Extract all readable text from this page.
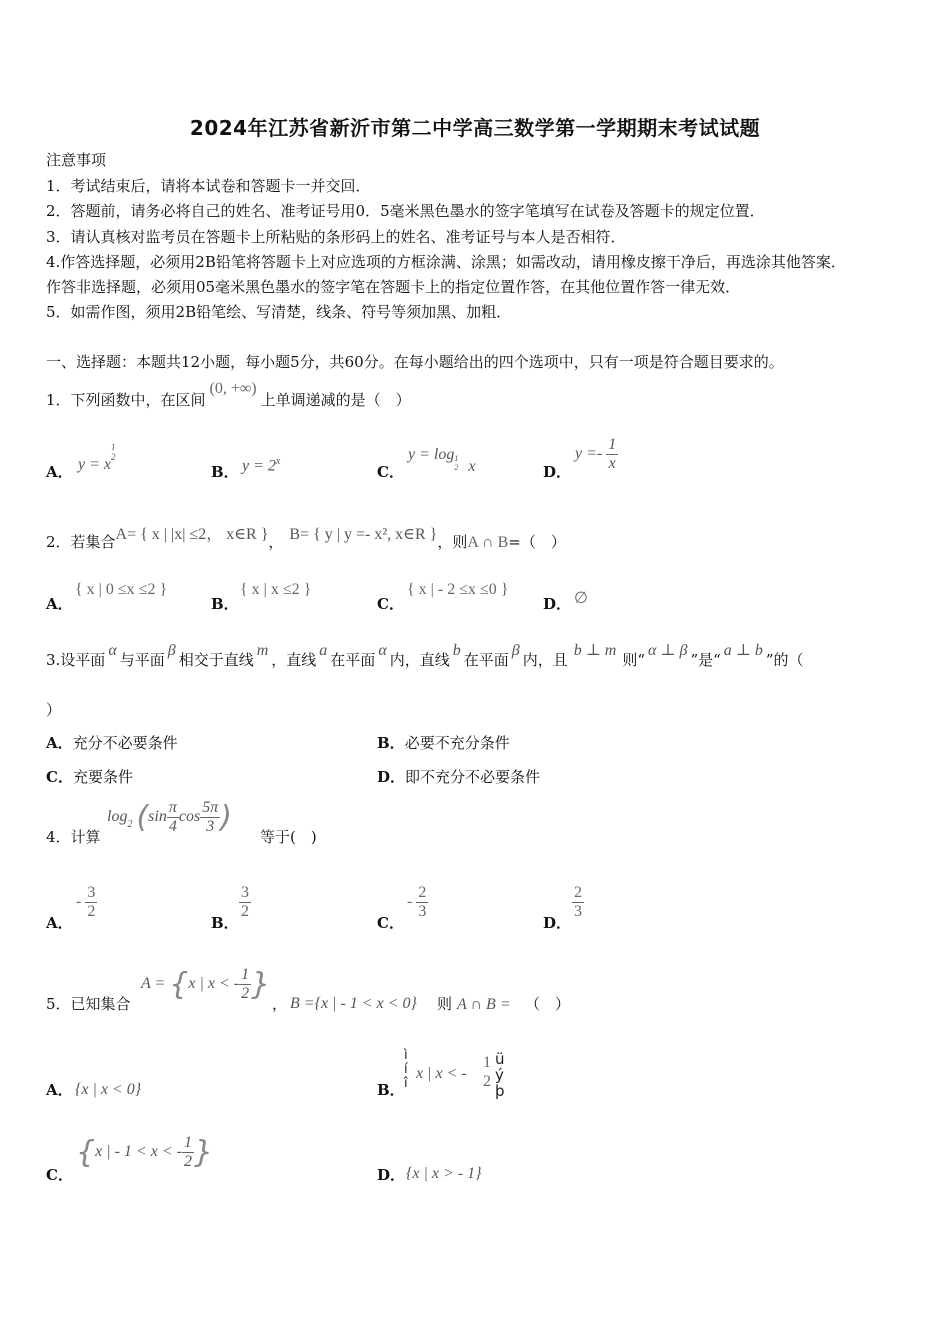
2024年江苏省新沂市第二中学高三数学第一学期期末考试试题
注意事项
1．考试结束后，请将本试卷和答题卡一并交回．
2．答题前，请务必将自己的姓名、准考证号用0．5毫米黑色墨水的签字笔填写在试卷及答题卡的规定位置．
3．请认真核对监考员在答题卡上所粘贴的条形码上的姓名、准考证号与本人是否相符．
4.作答选择题，必须用2B铅笔将答题卡上对应选项的方框涂满、涂黑；如需改动，请用橡皮擦干净后，再选涂其他答案．
作答非选择题，必须用05毫米黑色墨水的签字笔在答题卡上的指定位置作答，在其他位置作答一律无效．
5．如需作图，须用2B铅笔绘、写清楚，线条、符号等须加黑、加粗．
一、选择题：本题共12小题，每小题5分，共60分。在每小题给出的四个选项中，只有一项是符合题目要求的。
1．下列函数中，在区间(0, +∞)上单调递减的是（　）
A． y = x
1
2
B． $y = 2^x$
C．
y = log 1
2 x	D．
$y =- \frac{1}{x}$
2．若集合A= { x | |x| ≤2， x∈R }， B= { y | y =- x², x∈R }，则A ∩ B=（　）
A．
{ x | 0 ≤x ≤2 }
B．
{ x | x ≤2 }
C．
{ x | - 2 ≤x ≤0 }
D． ∅
3.设平面α与平面β相交于直线m，直线a在平面α内，直线b在平面β内，且b ⊥ m则“α ⊥ β”是“a ⊥ b”的（
）
A．充分不必要条件	B．必要不充分条件
C．充要条件	D．即不充分不必要条件
4．计算
$\log_2 (\sin \frac{\pi}{4}$ $\cos \frac{5\pi}{3}$ )
等于(　)
A．
- $\frac{3}{2}$
B．
$\frac{3}{2}$
C．
- $\frac{2}{3}$
D．
$\frac{2}{3}$
5．已知集合
A = {x | x < - $\frac{1}{2}$ }
， B ={x | - 1 < x < 0} 则 A ∩ B = （　）
A． {x | x < 0}	B．
ì
í
î
x | x < -
1
2
ü
ý
þ
C．
{x | - 1 < x < - $\frac{1}{2}$ }
D． {x | x > - 1}
